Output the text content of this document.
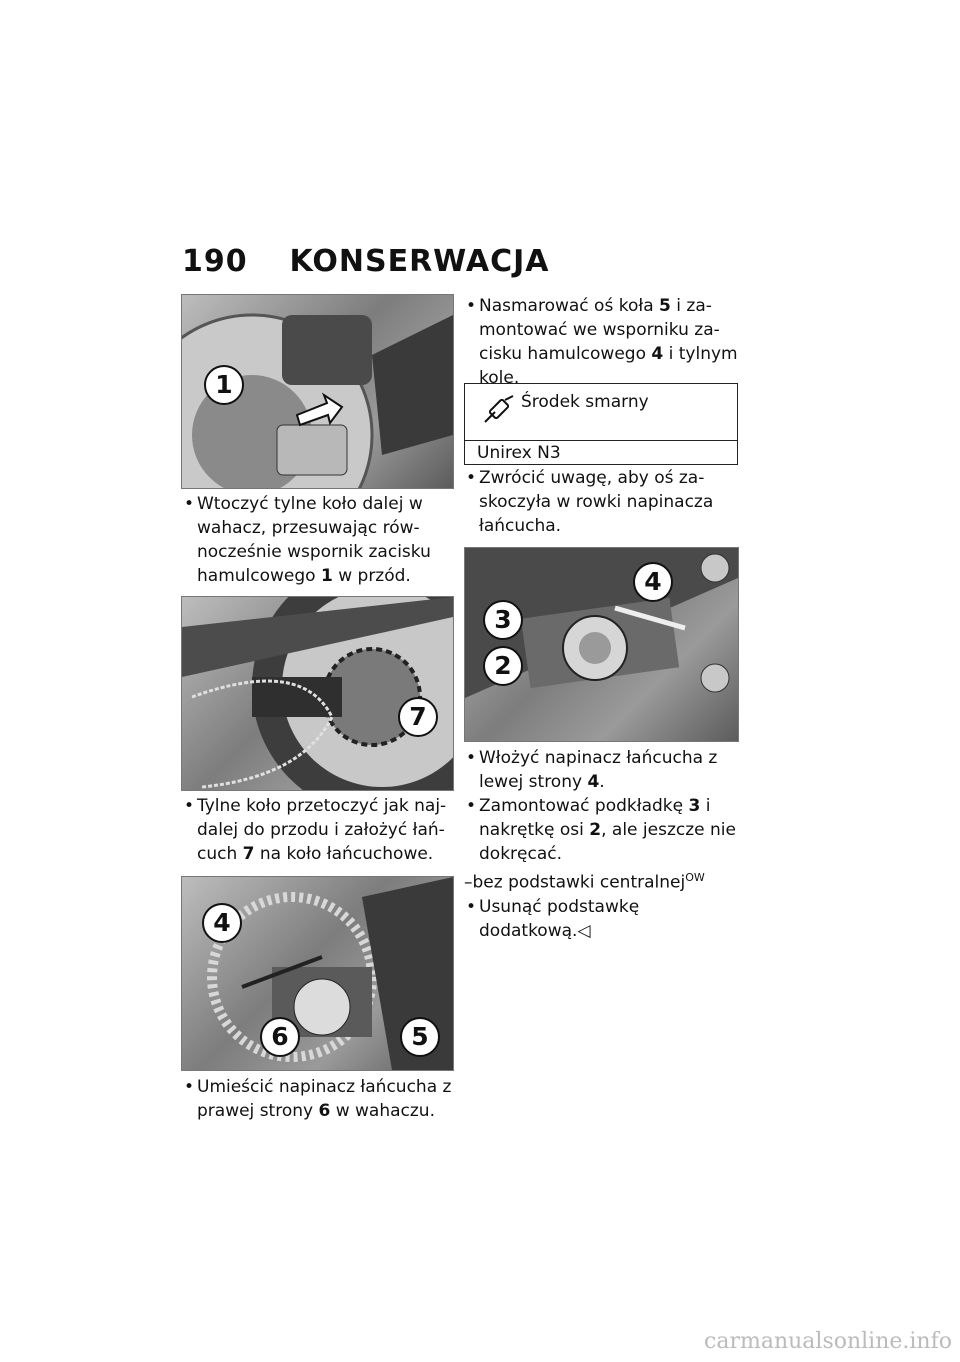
190 KONSERWACJA
1
• Wtoczyć tylne koło dalej w wahacz, przesuwając rów-nocześnie wspornik zacisku hamulcowego 1 w przód.
7
• Tylne koło przetoczyć jak naj-dalej do przodu i założyć łań-cuch 7 na koło łańcuchowe.
4
6	5
• Umieścić napinacz łańcucha z prawej strony 6 w wahaczu.
• Nasmarować oś koła 5 i za-montować we wsporniku za-cisku hamulcowego 4 i tylnym kole.
Środek smarny
Unirex N3
• Zwrócić uwagę, aby oś za-skoczyła w rowki napinacza łańcucha.
4
3
2
• Włożyć napinacz łańcucha z lewej strony 4.
• Zamontować podkładkę 3 i nakrętkę osi 2, ale jeszcze nie dokręcać.
–bez podstawki centralnej$^{OW}$
• Usunąć podstawkę dodatkową.◁
carmanualsonline.info
